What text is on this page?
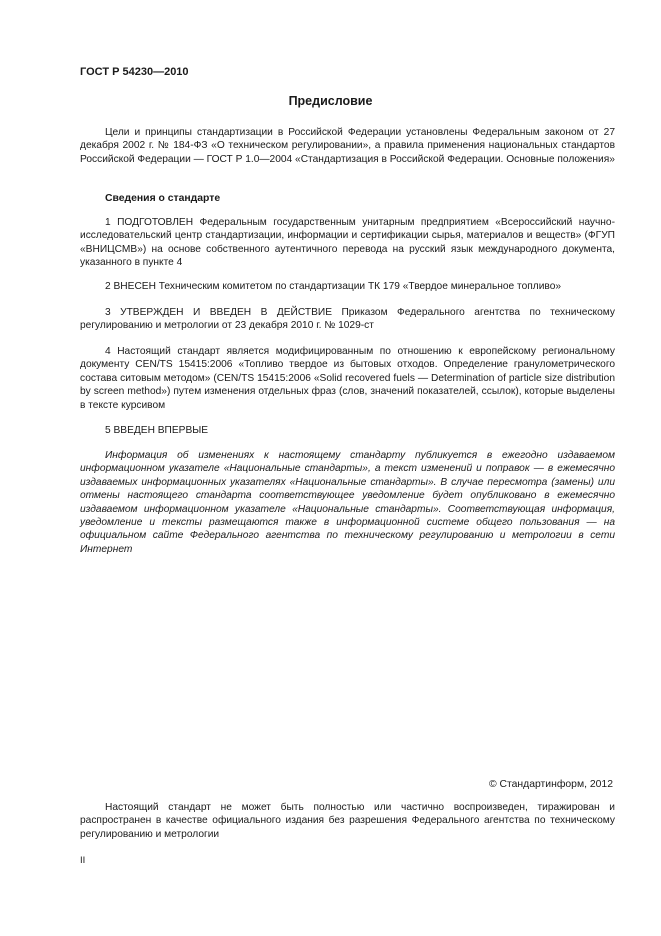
ГОСТ Р 54230—2010
Предисловие

Цели и принципы стандартизации в Российской Федерации установлены Федеральным законом от 27 декабря 2002 г. № 184-ФЗ «О техническом регулировании», а правила применения национальных стандартов Российской Федерации — ГОСТ Р 1.0—2004 «Стандартизация в Российской Федерации. Основные положения»

Сведения о стандарте

1 ПОДГОТОВЛЕН Федеральным государственным унитарным предприятием «Всероссийский научно-исследовательский центр стандартизации, информации и сертификации сырья, материалов и веществ» (ФГУП «ВНИЦСМВ») на основе собственного аутентичного перевода на русский язык международного документа, указанного в пункте 4

2 ВНЕСЕН Техническим комитетом по стандартизации ТК 179 «Твердое минеральное топливо»

3 УТВЕРЖДЕН И ВВЕДЕН В ДЕЙСТВИЕ Приказом Федерального агентства по техническому регулированию и метрологии от 23 декабря 2010 г. № 1029-ст

4 Настоящий стандарт является модифицированным по отношению к европейскому региональному документу CEN/TS 15415:2006 «Топливо твердое из бытовых отходов. Определение гранулометрического состава ситовым методом» (CEN/TS 15415:2006 «Solid recovered fuels — Determination of particle size distribution by screen method») путем изменения отдельных фраз (слов, значений показателей, ссылок), которые выделены в тексте курсивом

5 ВВЕДЕН ВПЕРВЫЕ

Информация об изменениях к настоящему стандарту публикуется в ежегодно издаваемом информационном указателе «Национальные стандарты», а текст изменений и поправок — в ежемесячно издаваемых информационных указателях «Национальные стандарты». В случае пересмотра (замены) или отмены настоящего стандарта соответствующее уведомление будет опубликовано в ежемесячно издаваемом информационном указателе «Национальные стандарты». Соответствующая информация, уведомление и тексты размещаются также в информационной системе общего пользования — на официальном сайте Федерального агентства по техническому регулированию и метрологии в сети Интернет

© Стандартинформ, 2012

Настоящий стандарт не может быть полностью или частично воспроизведен, тиражирован и распространен в качестве официального издания без разрешения Федерального агентства по техническому регулированию и метрологии

II
